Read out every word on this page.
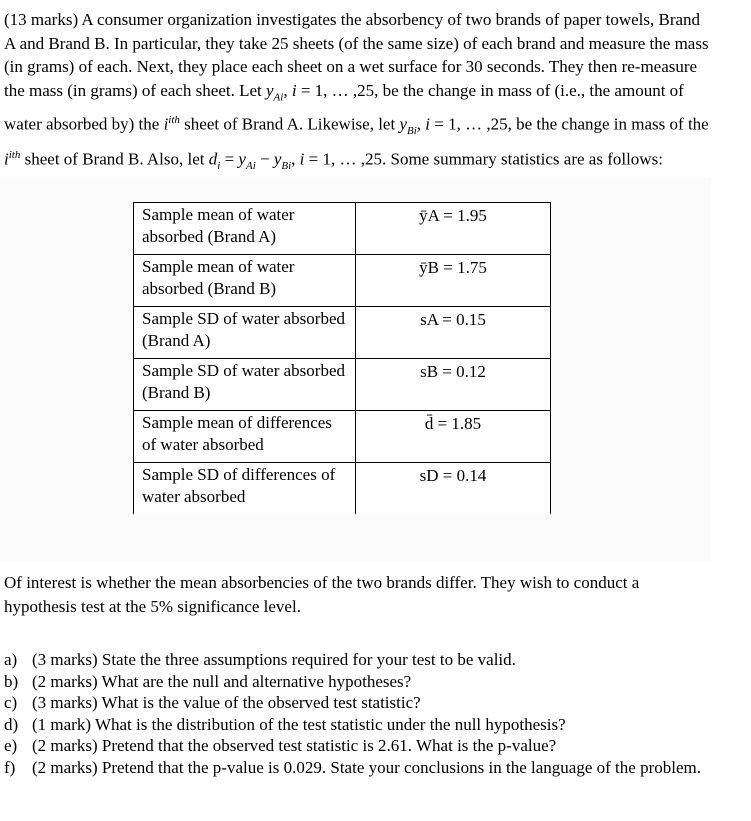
(13 marks) A consumer organization investigates the absorbency of two brands of paper towels, Brand A and Brand B. In particular, they take 25 sheets (of the same size) of each brand and measure the mass (in grams) of each. Next, they place each sheet on a wet surface for 30 seconds. They then re-measure the mass (in grams) of each sheet. Let $y_{Ai}$, i = 1, … ,25, be the change in mass of (i.e., the amount of water absorbed by) the $i^{ith}$ sheet of Brand A. Likewise, let $y_{Bi}$, i = 1, … ,25, be the change in mass of the $i^{ith}$ sheet of Brand B. Also, let $d_i = y_{Ai} - y_{Bi}$, i = 1, … ,25. Some summary statistics are as follows:

Sample mean of water absorbed (Brand A)	ȳA = 1.95
Sample mean of water absorbed (Brand B)	ȳB = 1.75
Sample SD of water absorbed (Brand A)	sA = 0.15
Sample SD of water absorbed (Brand B)	sB = 0.12
Sample mean of differences of water absorbed	d̄ = 1.85
Sample SD of differences of water absorbed	sD = 0.14

Of interest is whether the mean absorbencies of the two brands differ. They wish to conduct a hypothesis test at the 5% significance level.

a) (3 marks) State the three assumptions required for your test to be valid.
b) (2 marks) What are the null and alternative hypotheses?
c) (3 marks) What is the value of the observed test statistic?
d) (1 mark) What is the distribution of the test statistic under the null hypothesis?
e) (2 marks) Pretend that the observed test statistic is 2.61. What is the p-value?
f) (2 marks) Pretend that the p-value is 0.029. State your conclusions in the language of the problem.
